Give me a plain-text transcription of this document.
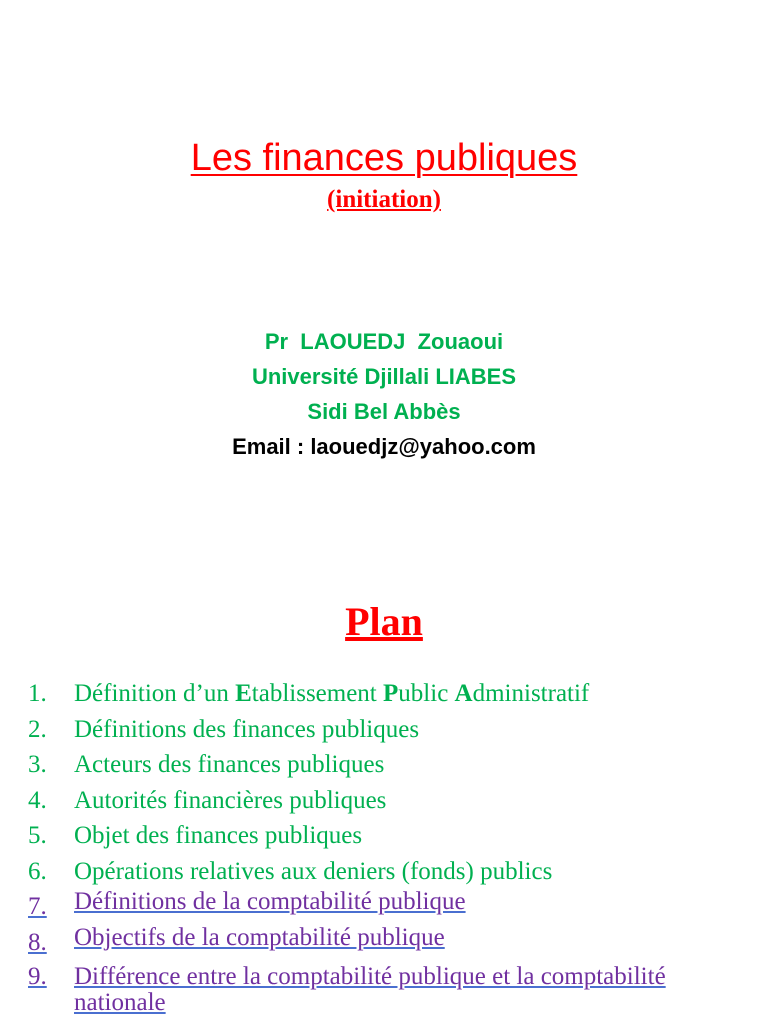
Les finances publiques
(initiation)
Pr  LAOUEDJ  Zouaoui
Université Djillali LIABES
Sidi Bel Abbès
Email : laouedjz@yahoo.com
Plan
1.	Définition d’un Etablissement Public Administratif
2.	Définitions des finances publiques
3.	Acteurs des finances publiques
4.	Autorités financières publiques
5.	Objet des finances publiques
6.	Opérations relatives aux deniers (fonds) publics
7.	Définitions de la comptabilité publique
8.	Objectifs de la comptabilité publique
9.	Différence entre la comptabilité publique et la comptabilité nationale
